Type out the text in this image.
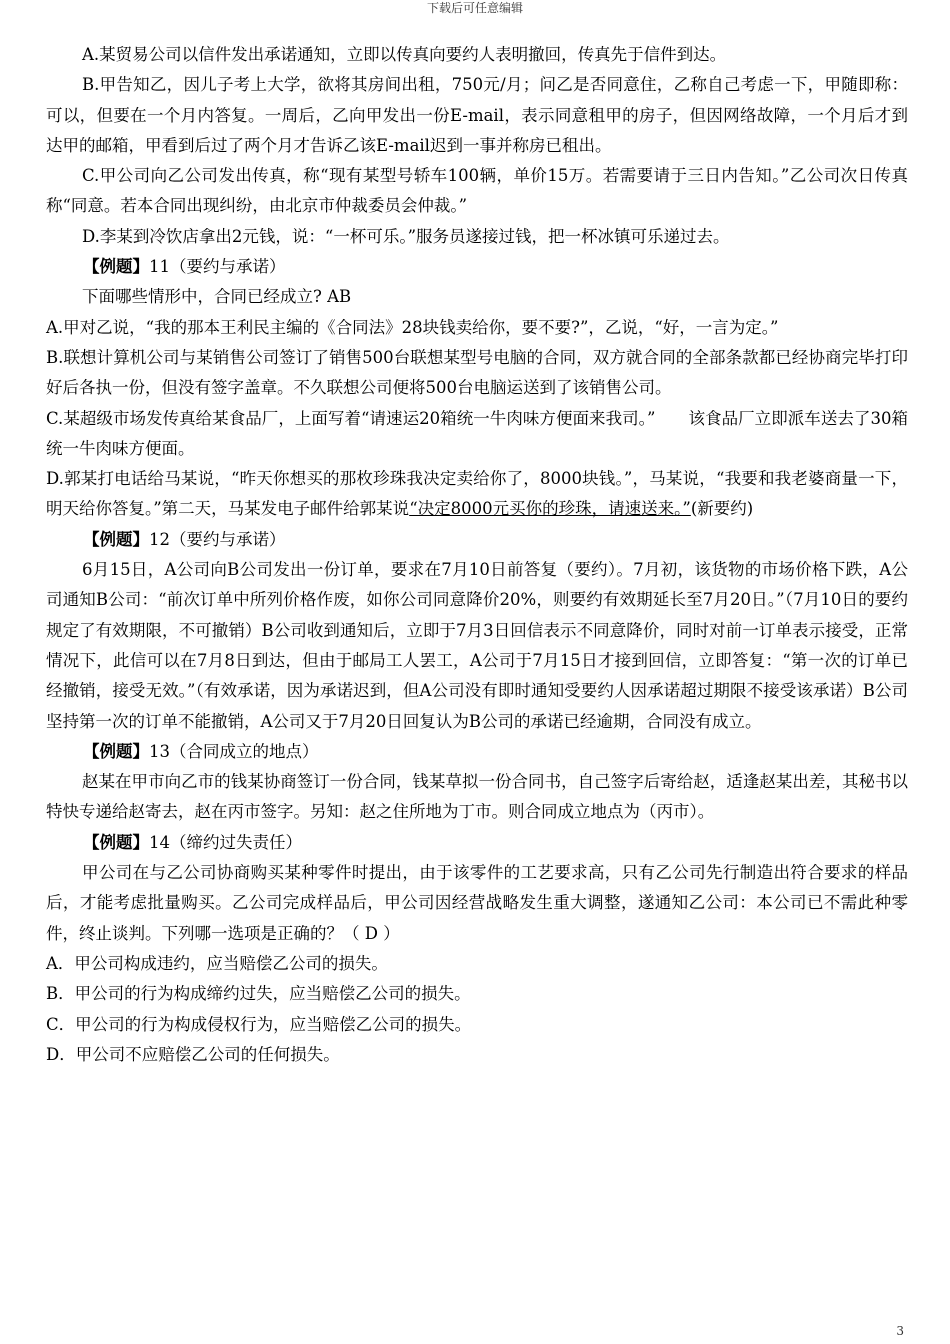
下载后可任意编辑

A.某贸易公司以信件发出承诺通知，立即以传真向要约人表明撤回，传真先于信件到达。

B.甲告知乙，因儿子考上大学，欲将其房间出租，750元/月；问乙是否同意住，乙称自己考虑一下，甲随即称：可以，但要在一个月内答复。一周后，乙向甲发出一份E-mail，表示同意租甲的房子，但因网络故障，一个月后才到达甲的邮箱，甲看到后过了两个月才告诉乙该E-mail迟到一事并称房已租出。

C.甲公司向乙公司发出传真，称“现有某型号轿车100辆，单价15万。若需要请于三日内告知。”乙公司次日传真称“同意。若本合同出现纠纷，由北京市仲裁委员会仲裁。”

D.李某到冷饮店拿出2元钱，说：“一杯可乐。”服务员遂接过钱，把一杯冰镇可乐递过去。

【例题】11（要约与承诺）

下面哪些情形中，合同已经成立? AB

A.甲对乙说，“我的那本王利民主编的《合同法》28块钱卖给你，要不要?”，乙说，“好，一言为定。”

B.联想计算机公司与某销售公司签订了销售500台联想某型号电脑的合同，双方就合同的全部条款都已经协商完毕打印好后各执一份，但没有签字盖章。不久联想公司便将500台电脑运送到了该销售公司。

C.某超级市场发传真给某食品厂，上面写着“请速运20箱统一牛肉味方便面来我司。”　　该食品厂立即派车送去了30箱统一牛肉味方便面。

D.郭某打电话给马某说，“昨天你想买的那枚珍珠我决定卖给你了，8000块钱。”，马某说，“我要和我老婆商量一下，明天给你答复。”第二天，马某发电子邮件给郭某说“决定8000元买你的珍珠，请速送来。”(新要约)

【例题】12（要约与承诺）

6月15日，A公司向B公司发出一份订单，要求在7月10日前答复（要约）。7月初，该货物的市场价格下跌，A公司通知B公司：“前次订单中所列价格作废，如你公司同意降价20%，则要约有效期延长至7月20日。”（7月10日的要约规定了有效期限，不可撤销）B公司收到通知后，立即于7月3日回信表示不同意降价，同时对前一订单表示接受，正常情况下，此信可以在7月8日到达，但由于邮局工人罢工，A公司于7月15日才接到回信，立即答复：“第一次的订单已经撤销，接受无效。”（有效承诺，因为承诺迟到，但A公司没有即时通知受要约人因承诺超过期限不接受该承诺）B公司坚持第一次的订单不能撤销，A公司又于7月20日回复认为B公司的承诺已经逾期，合同没有成立。

【例题】13（合同成立的地点）

赵某在甲市向乙市的钱某协商签订一份合同，钱某草拟一份合同书，自己签字后寄给赵，适逢赵某出差，其秘书以特快专递给赵寄去，赵在丙市签字。另知：赵之住所地为丁市。则合同成立地点为（丙市）。

【例题】14（缔约过失责任）

甲公司在与乙公司协商购买某种零件时提出，由于该零件的工艺要求高，只有乙公司先行制造出符合要求的样品后，才能考虑批量购买。乙公司完成样品后，甲公司因经营战略发生重大调整，遂通知乙公司：本公司已不需此种零件，终止谈判。下列哪一选项是正确的？（ D ）

A．甲公司构成违约，应当赔偿乙公司的损失。

B．甲公司的行为构成缔约过失，应当赔偿乙公司的损失。

C．甲公司的行为构成侵权行为，应当赔偿乙公司的损失。

D．甲公司不应赔偿乙公司的任何损失。

3
